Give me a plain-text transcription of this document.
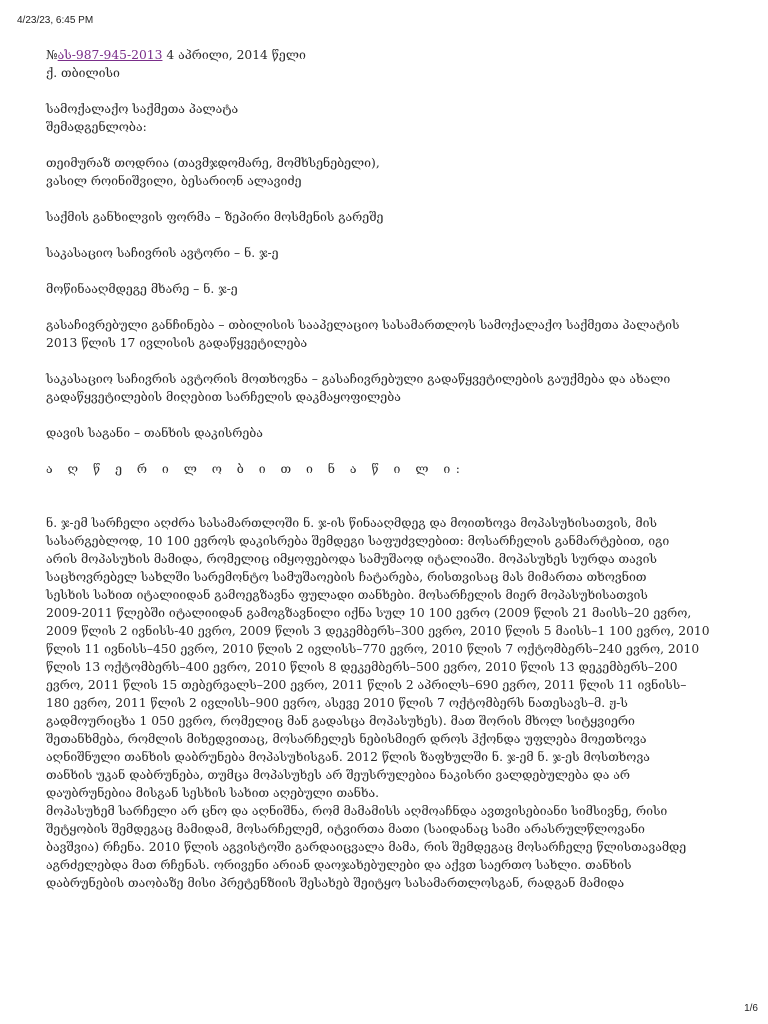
4/23/23, 6:45 PM
№ას-987-945-2013 4 აპრილი, 2014 წელი
ქ. თბილისი
სამოქალაქო საქმეთა პალატა
შემადგენლობა:
თეიმურაზ თოდრია (თავმჯდომარე, მომხსენებელი),
ვასილ როინიშვილი, ბესარიონ ალავიძე
საქმის განხილვის ფორმა – ზეპირი მოსმენის გარეშე
საკასაციო საჩივრის ავტორი – ნ. ჯ-ე
მოწინააღმდეგე მხარე – ნ. ჯ-ე
გასაჩივრებული განჩინება – თბილისის სააპელაციო სასამართლოს სამოქალაქო საქმეთა პალატის
2013 წლის 17 ივლისის გადაწყვეტილება
საკასაციო საჩივრის ავტორის მოთხოვნა – გასაჩივრებული გადაწყვეტილების გაუქმება და ახალი
გადაწყვეტილების მიღებით სარჩელის დაკმაყოფილება
დავის საგანი – თანხის დაკისრება
ა ღ წ ე რ ი ლ ო ბ ი თ ი ნ ა წ ი ლ ი:
ნ. ჯ-ემ სარჩელი აღძრა სასამართლოში ნ. ჯ-ის წინააღმდეგ და მოითხოვა მოპასუხისათვის, მის
სასარგებლოდ, 10 100 ევროს დაკისრება შემდეგი საფუძვლებით: მოსარჩელის განმარტებით, იგი
არის მოპასუხის მამიდა, რომელიც იმყოფებოდა სამუშაოდ იტალიაში. მოპასუხეს სურდა თავის
საცხოვრებელ სახლში სარემონტო სამუშაოების ჩატარება, რისთვისაც მას მიმართა თხოვნით
სესხის სახით იტალიიდან გამოეგზავნა ფულადი თანხები. მოსარჩელის მიერ მოპასუხისათვის
2009-2011 წლებში იტალიიდან გამოგზავნილი იქნა სულ 10 100 ევრო (2009 წლის 21 მაისს–20 ევრო,
2009 წლის 2 ივნისს-40 ევრო, 2009 წლის 3 დეკემბერს–300 ევრო, 2010 წლის 5 მაისს–1 100 ევრო, 2010
წლის 11 ივნისს–450 ევრო, 2010 წლის 2 ივლისს–770 ევრო, 2010 წლის 7 ოქტომბერს–240 ევრო, 2010
წლის 13 ოქტომბერს–400 ევრო, 2010 წლის 8 დეკემბერს–500 ევრო, 2010 წლის 13 დეკემბერს–200
ევრო, 2011 წლის 15 თებერვალს–200 ევრო, 2011 წლის 2 აპრილს–690 ევრო, 2011 წლის 11 ივნისს–
180 ევრო, 2011 წლის 2 ივლისს–900 ევრო, ასევე 2010 წლის 7 ოქტომბერს ნათესავს–მ. ჟ-ს
გადმოურიცხა 1 050 ევრო, რომელიც მან გადასცა მოპასუხეს). მათ შორის მხოლ სიტყვიერი
შეთანხმება, რომლის მიხედვითაც, მოსარჩელეს ნებისმიერ დროს ჰქონდა უფლება მოეთხოვა
აღნიშნული თანხის დაბრუნება მოპასუხისგან. 2012 წლის ზაფხულში ნ. ჯ-ემ ნ. ჯ-ეს მოსთხოვა
თანხის უკან დაბრუნება, თუმცა მოპასუხეს არ შეუსრულებია ნაკისრი ვალდებულება და არ
დაუბრუნებია მისგან სესხის სახით აღებული თანხა.
მოპასუხემ სარჩელი არ ცნო და აღნიშნა, რომ მამამისს აღმოაჩნდა ავთვისებიანი სიმსივნე, რისი
შეტყობის შემდეგაც მამიდამ, მოსარჩელემ, იტვირთა მათი (საიდანაც სამი არასრულწლოვანი
ბავშვია) რჩენა. 2010 წლის აგვისტოში გარდაიცვალა მამა, რის შემდეგაც მოსარჩელე წლისთავამდე
აგრძელებდა მათ რჩენას. ორივენი არიან დაოჯახებულები და აქვთ საერთო სახლი. თანხის
დაბრუნების თაობაზე მისი პრეტენზიის შესახებ შეიტყო სასამართლოსგან, რადგან მამიდა
1/6
